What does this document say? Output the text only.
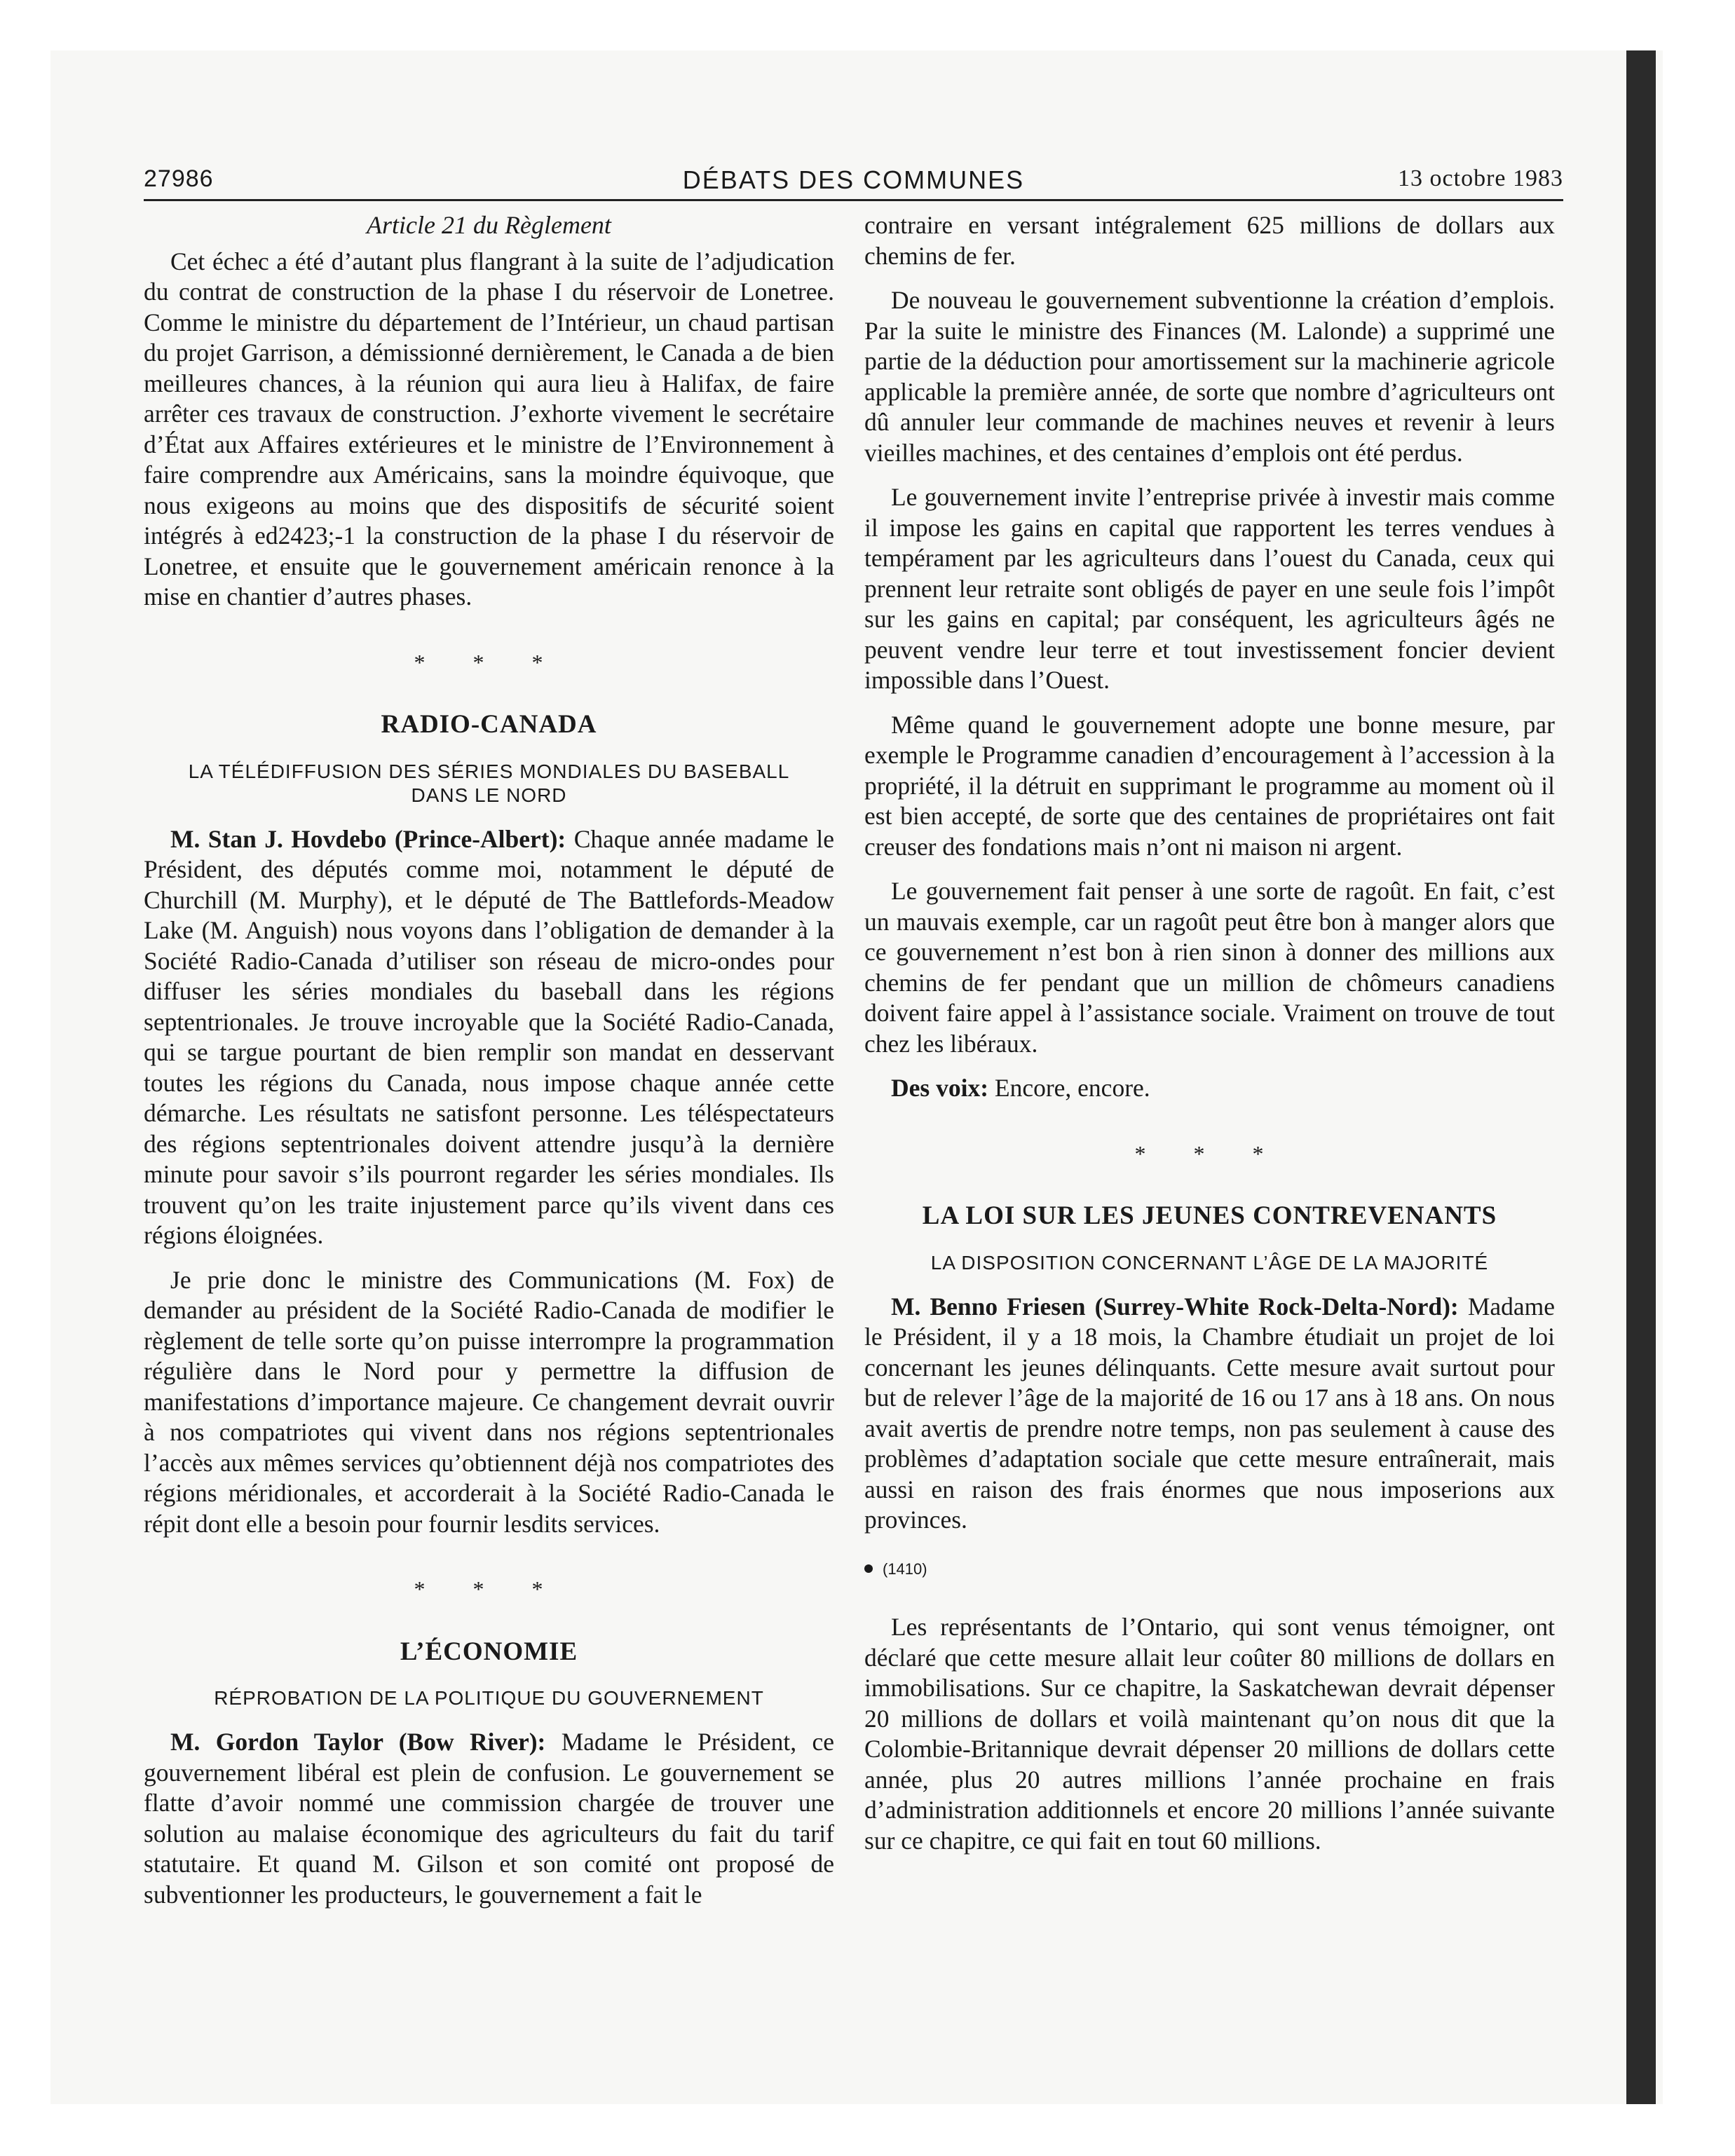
27986	DÉBATS DES COMMUNES	13 octobre 1983
Article 21 du Règlement

Cet échec a été d’autant plus flangrant à la suite de l’adjudication du contrat de construction de la phase I du réservoir de Lonetree. Comme le ministre du département de l’Intérieur, un chaud partisan du projet Garrison, a démissionné dernièrement, le Canada a de bien meilleures chances, à la réunion qui aura lieu à Halifax, de faire arrêter ces travaux de construction. J’exhorte vivement le secrétaire d’État aux Affaires extérieures et le ministre de l’Environnement à faire comprendre aux Américains, sans la moindre équivoque, que nous exigeons au moins que des dispositifs de sécurité soient intégrés à ed2423;-1 la construction de la phase I du réservoir de Lonetree, et ensuite que le gouvernement américain renonce à la mise en chantier d’autres phases.

* * *
RADIO-CANADA
LA TÉLÉDIFFUSION DES SÉRIES MONDIALES DU BASEBALL DANS LE NORD

M. Stan J. Hovdebo (Prince-Albert): Chaque année madame le Président, des députés comme moi, notamment le député de Churchill (M. Murphy), et le député de The Battlefords-Meadow Lake (M. Anguish) nous voyons dans l’obligation de demander à la Société Radio-Canada d’utiliser son réseau de micro-ondes pour diffuser les séries mondiales du baseball dans les régions septentrionales. Je trouve incroyable que la Société Radio-Canada, qui se targue pourtant de bien remplir son mandat en desservant toutes les régions du Canada, nous impose chaque année cette démarche. Les résultats ne satisfont personne. Les téléspectateurs des régions septentrionales doivent attendre jusqu’à la dernière minute pour savoir s’ils pourront regarder les séries mondiales. Ils trouvent qu’on les traite injustement parce qu’ils vivent dans ces régions éloignées.

Je prie donc le ministre des Communications (M. Fox) de demander au président de la Société Radio-Canada de modifier le règlement de telle sorte qu’on puisse interrompre la programmation régulière dans le Nord pour y permettre la diffusion de manifestations d’importance majeure. Ce changement devrait ouvrir à nos compatriotes qui vivent dans nos régions septentrionales l’accès aux mêmes services qu’obtiennent déjà nos compatriotes des régions méridionales, et accorderait à la Société Radio-Canada le répit dont elle a besoin pour fournir lesdits services.

* * *
L’ÉCONOMIE
RÉPROBATION DE LA POLITIQUE DU GOUVERNEMENT

M. Gordon Taylor (Bow River): Madame le Président, ce gouvernement libéral est plein de confusion. Le gouvernement se flatte d’avoir nommé une commission chargée de trouver une solution au malaise économique des agriculteurs du fait du tarif statutaire. Et quand M. Gilson et son comité ont proposé de subventionner les producteurs, le gouvernement a fait le

contraire en versant intégralement 625 millions de dollars aux chemins de fer.

De nouveau le gouvernement subventionne la création d’emplois. Par la suite le ministre des Finances (M. Lalonde) a supprimé une partie de la déduction pour amortissement sur la machinerie agricole applicable la première année, de sorte que nombre d’agriculteurs ont dû annuler leur commande de machines neuves et revenir à leurs vieilles machines, et des centaines d’emplois ont été perdus.

Le gouvernement invite l’entreprise privée à investir mais comme il impose les gains en capital que rapportent les terres vendues à tempérament par les agriculteurs dans l’ouest du Canada, ceux qui prennent leur retraite sont obligés de payer en une seule fois l’impôt sur les gains en capital; par conséquent, les agriculteurs âgés ne peuvent vendre leur terre et tout investissement foncier devient impossible dans l’Ouest.

Même quand le gouvernement adopte une bonne mesure, par exemple le Programme canadien d’encouragement à l’accession à la propriété, il la détruit en supprimant le programme au moment où il est bien accepté, de sorte que des centaines de propriétaires ont fait creuser des fondations mais n’ont ni maison ni argent.

Le gouvernement fait penser à une sorte de ragoût. En fait, c’est un mauvais exemple, car un ragoût peut être bon à manger alors que ce gouvernement n’est bon à rien sinon à donner des millions aux chemins de fer pendant que un million de chômeurs canadiens doivent faire appel à l’assistance sociale. Vraiment on trouve de tout chez les libéraux.

Des voix: Encore, encore.

* * *
LA LOI SUR LES JEUNES CONTREVENANTS
LA DISPOSITION CONCERNANT L’ÂGE DE LA MAJORITÉ

M. Benno Friesen (Surrey-White Rock-Delta-Nord): Madame le Président, il y a 18 mois, la Chambre étudiait un projet de loi concernant les jeunes délinquants. Cette mesure avait surtout pour but de relever l’âge de la majorité de 16 ou 17 ans à 18 ans. On nous avait avertis de prendre notre temps, non pas seulement à cause des problèmes d’adaptation sociale que cette mesure entraînerait, mais aussi en raison des frais énormes que nous imposerions aux provinces.

(1410)

Les représentants de l’Ontario, qui sont venus témoigner, ont déclaré que cette mesure allait leur coûter 80 millions de dollars en immobilisations. Sur ce chapitre, la Saskatchewan devrait dépenser 20 millions de dollars et voilà maintenant qu’on nous dit que la Colombie-Britannique devrait dépenser 20 millions de dollars cette année, plus 20 autres millions l’année prochaine en frais d’administration additionnels et encore 20 millions l’année suivante sur ce chapitre, ce qui fait en tout 60 millions.
